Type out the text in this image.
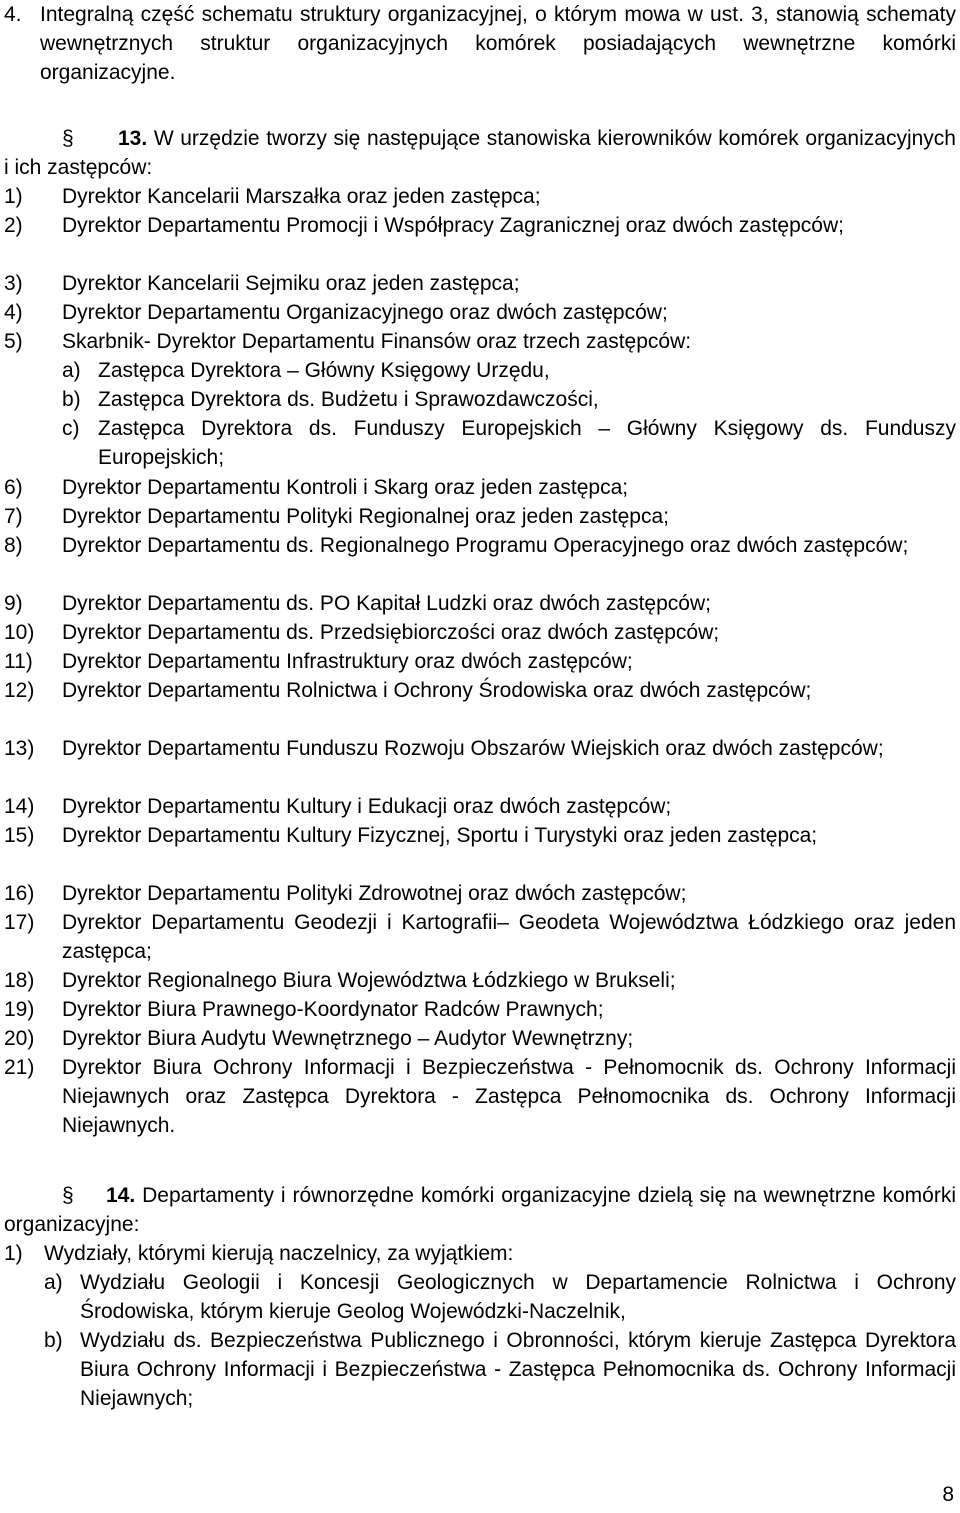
4. Integralną część schematu struktury organizacyjnej, o którym mowa w ust. 3, stanowią schematy wewnętrznych struktur organizacyjnych komórek posiadających wewnętrzne komórki organizacyjne.
§ 13. W urzędzie tworzy się następujące stanowiska kierowników komórek organizacyjnych i ich zastępców:
1) Dyrektor Kancelarii Marszałka oraz jeden zastępca;
2) Dyrektor Departamentu Promocji i Współpracy Zagranicznej oraz dwóch zastępców;
3) Dyrektor Kancelarii Sejmiku oraz jeden zastępca;
4) Dyrektor Departamentu Organizacyjnego oraz dwóch zastępców;
5) Skarbnik- Dyrektor Departamentu Finansów oraz trzech zastępców:
a) Zastępca Dyrektora – Główny Księgowy Urzędu,
b) Zastępca Dyrektora ds. Budżetu i Sprawozdawczości,
c) Zastępca Dyrektora ds. Funduszy Europejskich – Główny Księgowy ds. Funduszy Europejskich;
6) Dyrektor Departamentu Kontroli i Skarg oraz jeden zastępca;
7) Dyrektor Departamentu Polityki Regionalnej oraz jeden zastępca;
8) Dyrektor Departamentu ds. Regionalnego Programu Operacyjnego oraz dwóch zastępców;
9) Dyrektor Departamentu ds. PO Kapitał Ludzki oraz dwóch zastępców;
10) Dyrektor Departamentu ds. Przedsiębiorczości oraz dwóch zastępców;
11) Dyrektor Departamentu Infrastruktury oraz dwóch zastępców;
12) Dyrektor Departamentu Rolnictwa i Ochrony Środowiska oraz dwóch zastępców;
13) Dyrektor Departamentu Funduszu Rozwoju Obszarów Wiejskich oraz dwóch zastępców;
14) Dyrektor Departamentu Kultury i Edukacji oraz dwóch zastępców;
15) Dyrektor Departamentu Kultury Fizycznej, Sportu i Turystyki oraz jeden zastępca;
16) Dyrektor Departamentu Polityki Zdrowotnej oraz dwóch zastępców;
17) Dyrektor Departamentu Geodezji i Kartografii– Geodeta Województwa Łódzkiego oraz jeden zastępca;
18) Dyrektor Regionalnego Biura Województwa Łódzkiego w Brukseli;
19) Dyrektor Biura Prawnego-Koordynator Radców Prawnych;
20) Dyrektor Biura Audytu Wewnętrznego – Audytor Wewnętrzny;
21) Dyrektor Biura Ochrony Informacji i Bezpieczeństwa - Pełnomocnik ds. Ochrony Informacji Niejawnych oraz Zastępca Dyrektora - Zastępca Pełnomocnika ds. Ochrony Informacji Niejawnych.
§ 14. Departamenty i równorzędne komórki organizacyjne dzielą się na wewnętrzne komórki organizacyjne:
1) Wydziały, którymi kierują naczelnicy, za wyjątkiem:
a) Wydziału Geologii i Koncesji Geologicznych w Departamencie Rolnictwa i Ochrony Środowiska, którym kieruje Geolog Wojewódzki-Naczelnik,
b) Wydziału ds. Bezpieczeństwa Publicznego i Obronności, którym kieruje Zastępca Dyrektora Biura Ochrony Informacji i Bezpieczeństwa - Zastępca Pełnomocnika ds. Ochrony Informacji Niejawnych;
8
